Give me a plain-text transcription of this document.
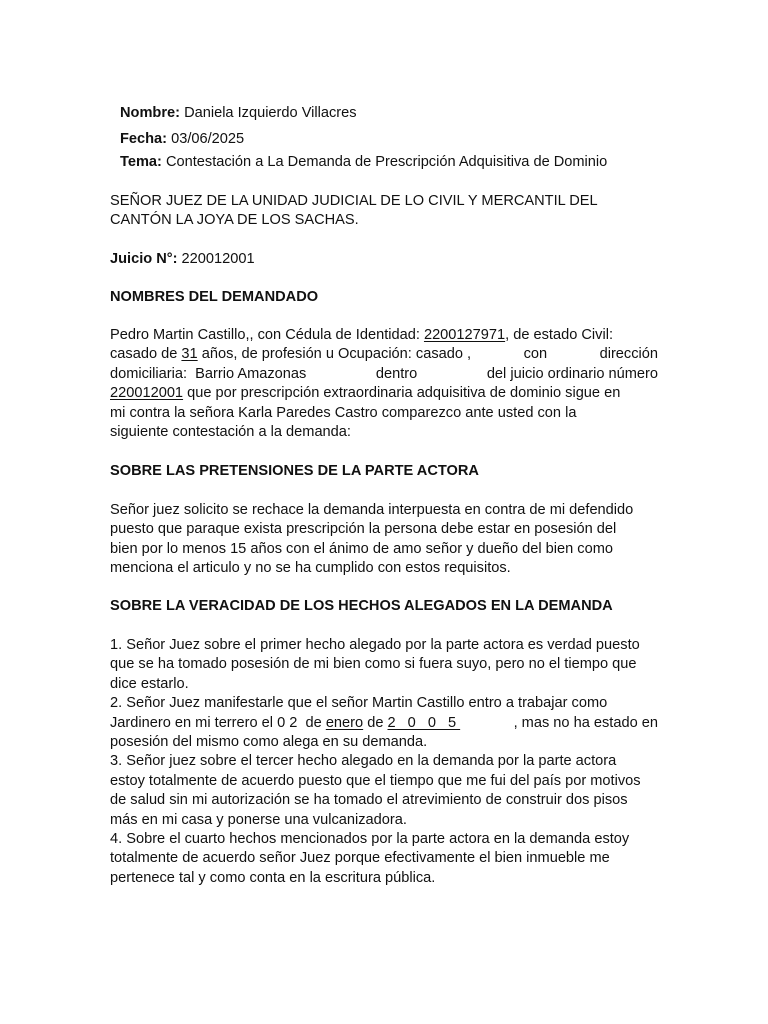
Nombre: Daniela Izquierdo Villacres
Fecha: 03/06/2025
Tema: Contestación a La Demanda de Prescripción Adquisitiva de Dominio
SEÑOR JUEZ DE LA UNIDAD JUDICIAL DE LO CIVIL Y MERCANTIL DEL
CANTÓN LA JOYA DE LOS SACHAS.
Juicio N°: 220012001
NOMBRES DEL DEMANDADO
Pedro Martin Castillo,, con Cédula de Identidad: 2200127971, de estado Civil:
casado de 31 años, de profesión u Ocupación: casado ,	con	dirección
domiciliaria: Barrio Amazonas	dentro	del juicio ordinario número
220012001 que por prescripción extraordinaria adquisitiva de dominio sigue en
mi contra la señora Karla Paredes Castro comparezco ante usted con la
siguiente contestación a la demanda:
SOBRE LAS PRETENSIONES DE LA PARTE ACTORA
Señor juez solicito se rechace la demanda interpuesta en contra de mi defendido
puesto que paraque exista prescripción la persona debe estar en posesión del
bien por lo menos 15 años con el ánimo de amo señor y dueño del bien como
menciona el articulo y no se ha cumplido con estos requisitos.
SOBRE LA VERACIDAD DE LOS HECHOS ALEGADOS EN LA DEMANDA
1. Señor Juez sobre el primer hecho alegado por la parte actora es verdad puesto
que se ha tomado posesión de mi bien como si fuera suyo, pero no el tiempo que
dice estarlo.
2. Señor Juez manifestarle que el señor Martin Castillo entro a trabajar como
Jardinero en mi terrero el 0 2 de enero de 2 0 0 5	, mas no ha estado en
posesión del mismo como alega en su demanda.
3. Señor juez sobre el tercer hecho alegado en la demanda por la parte actora
estoy totalmente de acuerdo puesto que el tiempo que me fui del país por motivos
de salud sin mi autorización se ha tomado el atrevimiento de construir dos pisos
más en mi casa y ponerse una vulcanizadora.
4. Sobre el cuarto hechos mencionados por la parte actora en la demanda estoy
totalmente de acuerdo señor Juez porque efectivamente el bien inmueble me
pertenece tal y como conta en la escritura pública.
